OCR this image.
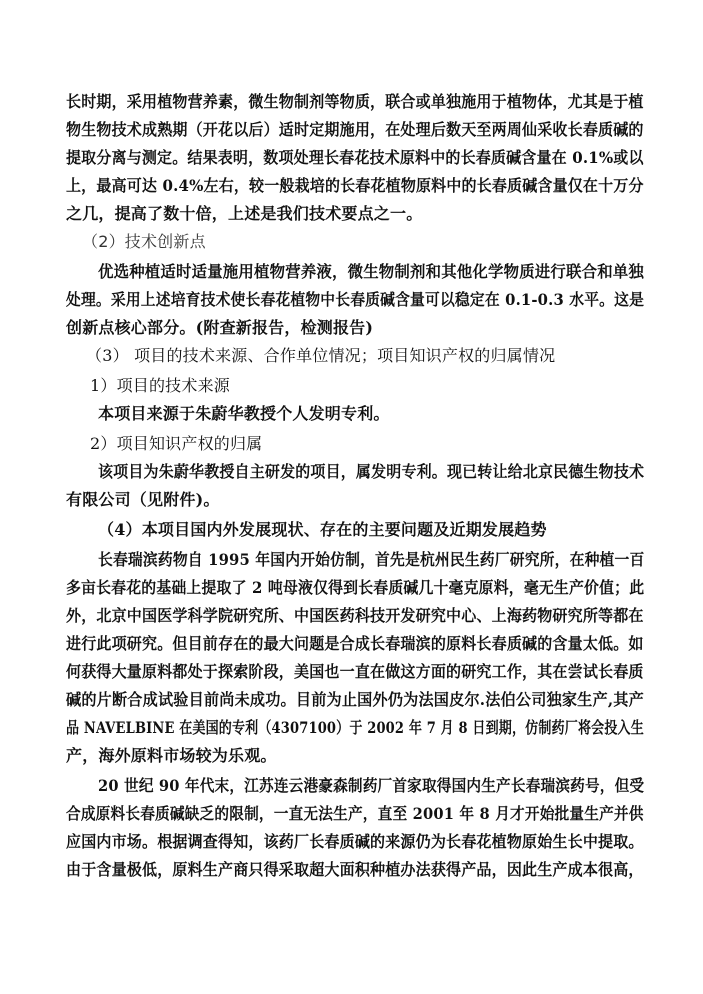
长时期，采用植物营养素，微生物制剂等物质，联合或单独施用于植物体，尤其是于植
物生物技术成熟期（开花以后）适时定期施用，在处理后数天至两周仙采收长春质碱的
提取分离与测定。结果表明，数项处理长春花技术原料中的长春质碱含量在 0.1%或以
上，最高可达 0.4%左右，较一般栽培的长春花植物原料中的长春质碱含量仅在十万分
之几，提高了数十倍，上述是我们技术要点之一。
（2）技术创新点
优选种植适时适量施用植物营养液，微生物制剂和其他化学物质进行联合和单独
处理。采用上述培育技术使长春花植物中长春质碱含量可以稳定在 0.1-0.3 水平。这是
创新点核心部分。(附查新报告，检测报告)
（3） 项目的技术来源、合作单位情况；项目知识产权的归属情况
1）项目的技术来源
本项目来源于朱蔚华教授个人发明专利。
2）项目知识产权的归属
该项目为朱蔚华教授自主研发的项目，属发明专利。现已转让给北京民德生物技术
有限公司（见附件)。
（4）本项目国内外发展现状、存在的主要问题及近期发展趋势
长春瑞滨药物自 1995 年国内开始仿制，首先是杭州民生药厂研究所，在种植一百
多亩长春花的基础上提取了 2 吨母液仅得到长春质碱几十毫克原料，毫无生产价值；此
外，北京中国医学科学院研究所、中国医药科技开发研究中心、上海药物研究所等都在
进行此项研究。但目前存在的最大问题是合成长春瑞滨的原料长春质碱的含量太低。如
何获得大量原料都处于探索阶段，美国也一直在做这方面的研究工作，其在尝试长春质
碱的片断合成试验目前尚未成功。目前为止国外仍为法国皮尔.法伯公司独家生产,其产
品 NAVELBINE 在美国的专利（4307100）于 2002 年 7 月 8 日到期，仿制药厂将会投入生
产，海外原料市场较为乐观。
20 世纪 90 年代末，江苏连云港豪森制药厂首家取得国内生产长春瑞滨药号，但受
合成原料长春质碱缺乏的限制，一直无法生产，直至 2001 年 8 月才开始批量生产并供
应国内市场。根据调查得知，该药厂长春质碱的来源仍为长春花植物原始生长中提取。
由于含量极低，原料生产商只得采取超大面积种植办法获得产品，因此生产成本很高，
